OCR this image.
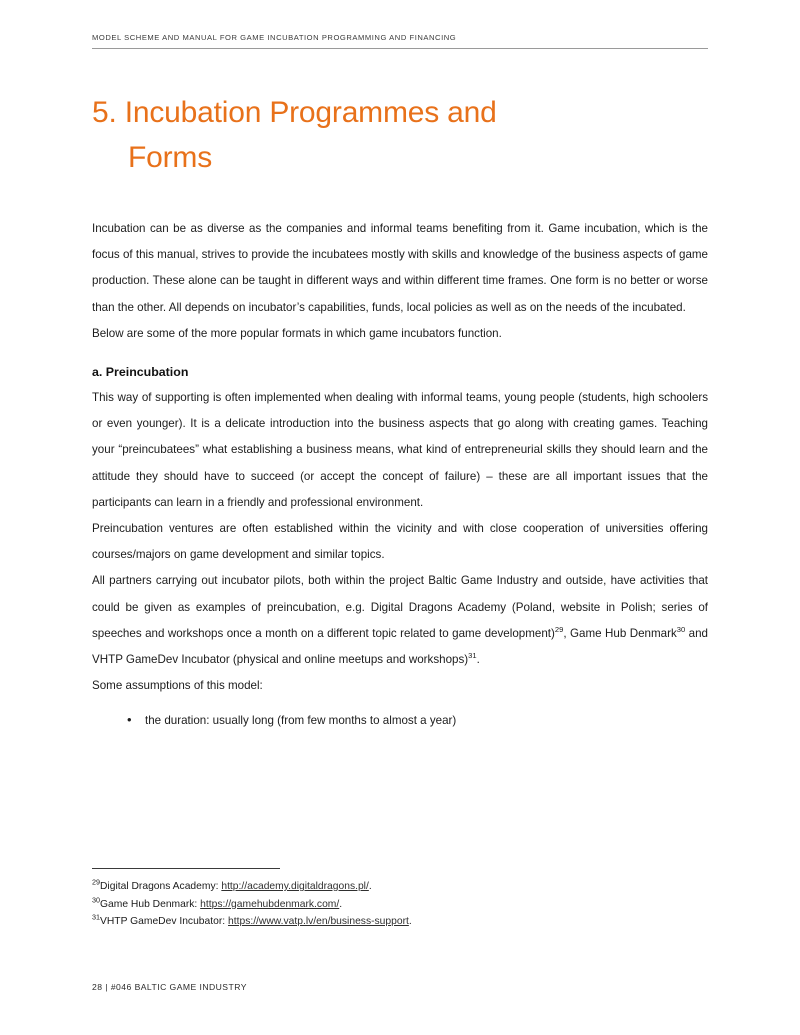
MODEL SCHEME AND MANUAL FOR GAME INCUBATION PROGRAMMING AND FINANCING
5. Incubation Programmes and
Forms

Incubation can be as diverse as the companies and informal teams benefiting from it. Game incubation, which is the focus of this manual, strives to provide the incubatees mostly with skills and knowledge of the business aspects of game production. These alone can be taught in different ways and within different time frames. One form is no better or worse than the other. All depends on incubator’s capabilities, funds, local policies as well as on the needs of the incubated.

Below are some of the more popular formats in which game incubators function.

a. Preincubation

This way of supporting is often implemented when dealing with informal teams, young people (students, high schoolers or even younger). It is a delicate introduction into the business aspects that go along with creating games. Teaching your “preincubatees” what establishing a business means, what kind of entrepreneurial skills they should learn and the attitude they should have to succeed (or accept the concept of failure) – these are all important issues that the participants can learn in a friendly and professional environment.

Preincubation ventures are often established within the vicinity and with close cooperation of universities offering courses/majors on game development and similar topics.

All partners carrying out incubator pilots, both within the project Baltic Game Industry and outside, have activities that could be given as examples of preincubation, e.g. Digital Dragons Academy (Poland, website in Polish; series of speeches and workshops once a month on a different topic related to game development)$^{29}$, Game Hub Denmark$^{30}$ and VHTP GameDev Incubator (physical and online meetups and workshops)$^{31}$.

Some assumptions of this model:

• the duration: usually long (from few months to almost a year)
$^{29}$Digital Dragons Academy: http://academy.digitaldragons.pl/.
$^{30}$Game Hub Denmark: https://gamehubdenmark.com/.
$^{31}$VHTP GameDev Incubator: https://www.vatp.lv/en/business-support.
28 | #046 BALTIC GAME INDUSTRY
